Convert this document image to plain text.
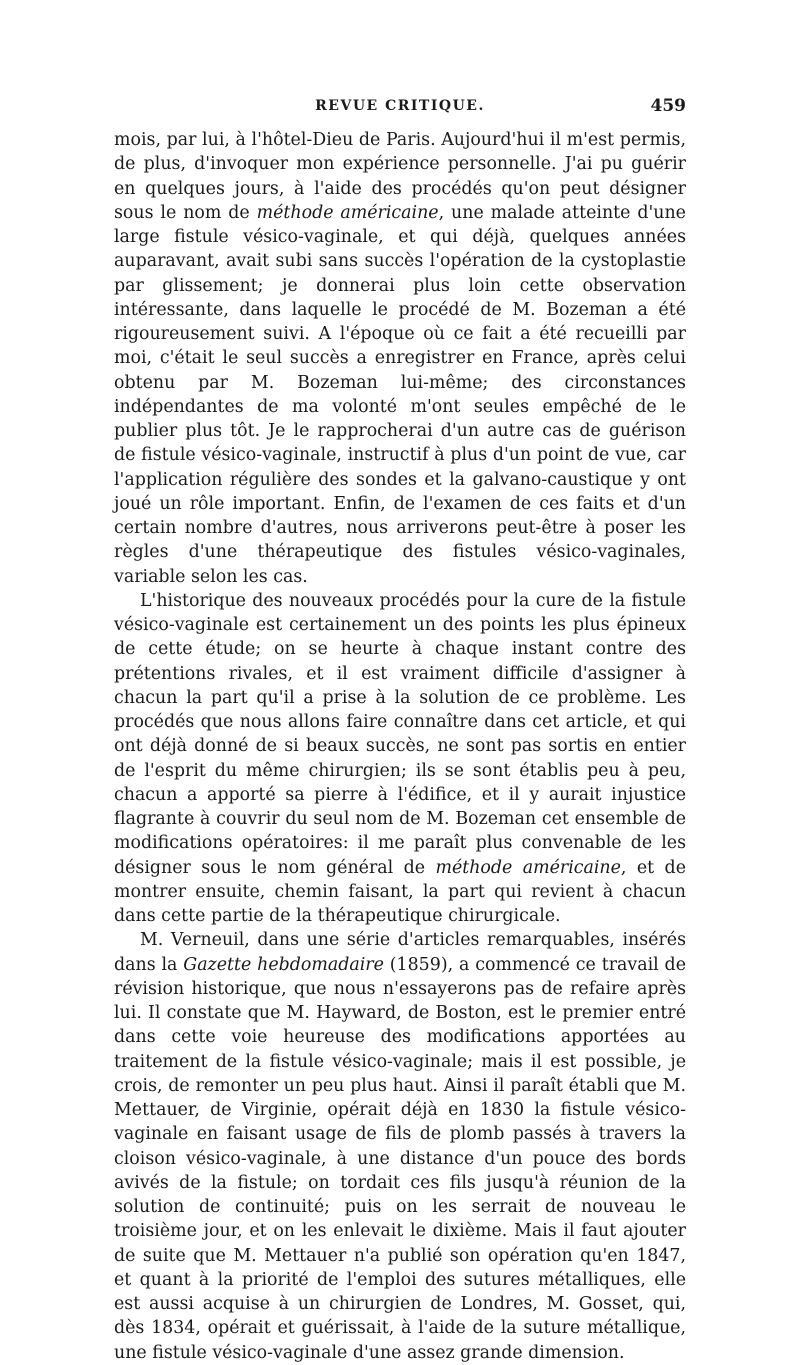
REVUE CRITIQUE.	459

mois, par lui, à l'hôtel-Dieu de Paris. Aujourd'hui il m'est permis, de plus, d'invoquer mon expérience personnelle. J'ai pu guérir en quelques jours, à l'aide des procédés qu'on peut désigner sous le nom de méthode américaine, une malade atteinte d'une large fistule vésico-vaginale, et qui déjà, quelques années auparavant, avait subi sans succès l'opération de la cystoplastie par glissement; je donnerai plus loin cette observation intéressante, dans laquelle le procédé de M. Bozeman a été rigoureusement suivi. A l'époque où ce fait a été recueilli par moi, c'était le seul succès a enregistrer en France, après celui obtenu par M. Bozeman lui-même; des circonstances indépendantes de ma volonté m'ont seules empêché de le publier plus tôt. Je le rapprocherai d'un autre cas de guérison de fistule vésico-vaginale, instructif à plus d'un point de vue, car l'application régulière des sondes et la galvano-caustique y ont joué un rôle important. Enfin, de l'examen de ces faits et d'un certain nombre d'autres, nous arriverons peut-être à poser les règles d'une thérapeutique des fistules vésico-vaginales, variable selon les cas.

L'historique des nouveaux procédés pour la cure de la fistule vésico-vaginale est certainement un des points les plus épineux de cette étude; on se heurte à chaque instant contre des prétentions rivales, et il est vraiment difficile d'assigner à chacun la part qu'il a prise à la solution de ce problème. Les procédés que nous allons faire connaître dans cet article, et qui ont déjà donné de si beaux succès, ne sont pas sortis en entier de l'esprit du même chirurgien; ils se sont établis peu à peu, chacun a apporté sa pierre à l'édifice, et il y aurait injustice flagrante à couvrir du seul nom de M. Bozeman cet ensemble de modifications opératoires: il me paraît plus convenable de les désigner sous le nom général de méthode américaine, et de montrer ensuite, chemin faisant, la part qui revient à chacun dans cette partie de la thérapeutique chirurgicale.

M. Verneuil, dans une série d'articles remarquables, insérés dans la Gazette hebdomadaire (1859), a commencé ce travail de révision historique, que nous n'essayerons pas de refaire après lui. Il constate que M. Hayward, de Boston, est le premier entré dans cette voie heureuse des modifications apportées au traitement de la fistule vésico-vaginale; mais il est possible, je crois, de remonter un peu plus haut. Ainsi il paraît établi que M. Mettauer, de Virginie, opérait déjà en 1830 la fistule vésico-vaginale en faisant usage de fils de plomb passés à travers la cloison vésico-vaginale, à une distance d'un pouce des bords avivés de la fistule; on tordait ces fils jusqu'à réunion de la solution de continuité; puis on les serrait de nouveau le troisième jour, et on les enlevait le dixième. Mais il faut ajouter de suite que M. Mettauer n'a publié son opération qu'en 1847, et quant à la priorité de l'emploi des sutures métalliques, elle est aussi acquise à un chirurgien de Londres, M. Gosset, qui, dès 1834, opérait et guérissait, à l'aide de la suture métallique, une fistule vésico-vaginale d'une assez grande dimension.
